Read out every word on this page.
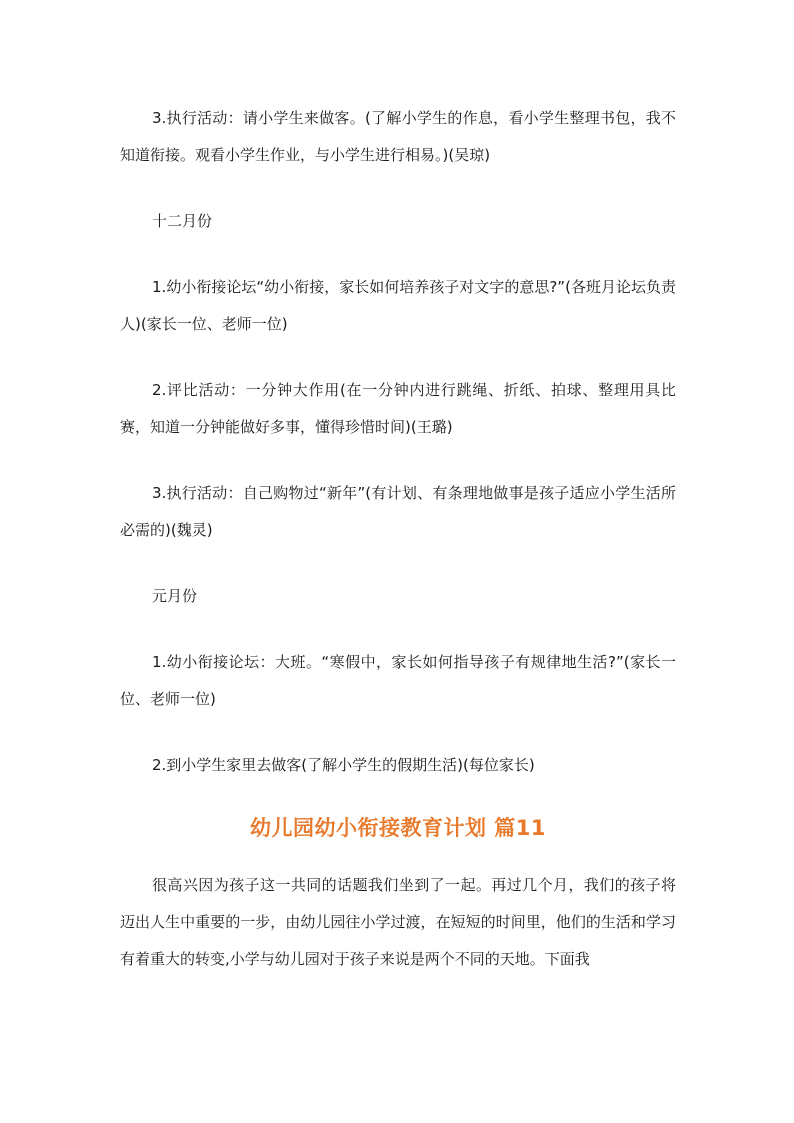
3.执行活动：请小学生来做客。(了解小学生的作息，看小学生整理书包，我不知道衔接。观看小学生作业，与小学生进行相易。)(吴琼)

十二月份

1.幼小衔接论坛“幼小衔接，家长如何培养孩子对文字的意思?”(各班月论坛负责人)(家长一位、老师一位)

2.评比活动：一分钟大作用(在一分钟内进行跳绳、折纸、拍球、整理用具比赛，知道一分钟能做好多事，懂得珍惜时间)(王璐)

3.执行活动：自己购物过“新年”(有计划、有条理地做事是孩子适应小学生活所必需的)(魏灵)

元月份

1.幼小衔接论坛：大班。“寒假中，家长如何指导孩子有规律地生活?”(家长一位、老师一位)

2.到小学生家里去做客(了解小学生的假期生活)(每位家长)

幼儿园幼小衔接教育计划 篇11

很高兴因为孩子这一共同的话题我们坐到了一起。再过几个月，我们的孩子将迈出人生中重要的一步，由幼儿园往小学过渡，在短短的时间里，他们的生活和学习有着重大的转变,小学与幼儿园对于孩子来说是两个不同的天地。下面我
